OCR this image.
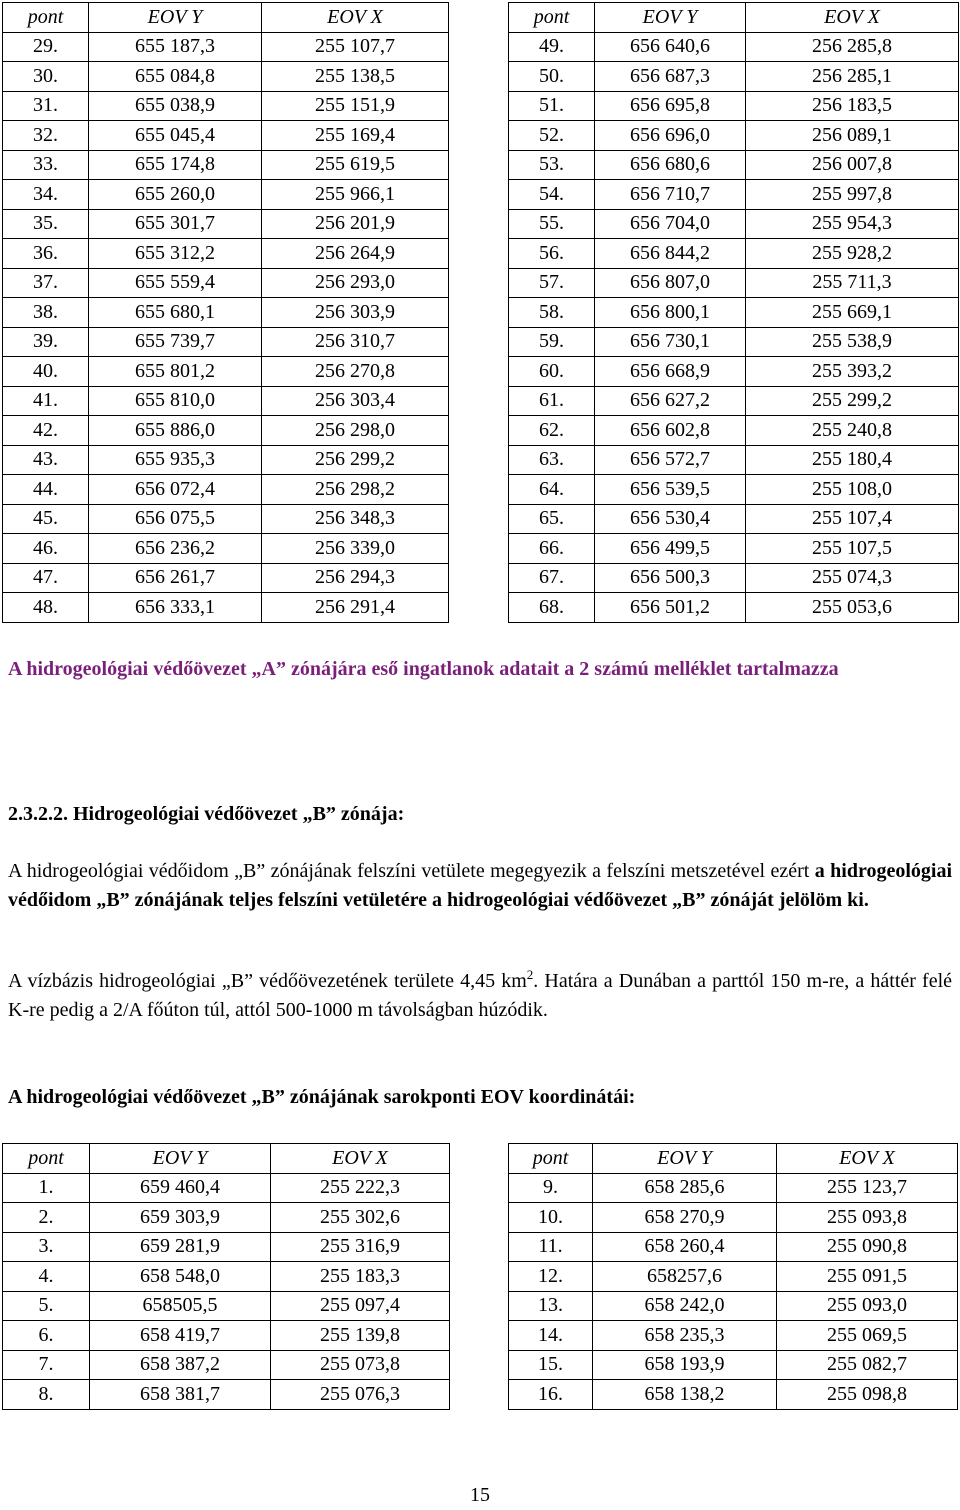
pont	EOV Y	EOV X
29.	655 187,3	255 107,7
30.	655 084,8	255 138,5
31.	655 038,9	255 151,9
32.	655 045,4	255 169,4
33.	655 174,8	255 619,5
34.	655 260,0	255 966,1
35.	655 301,7	256 201,9
36.	655 312,2	256 264,9
37.	655 559,4	256 293,0
38.	655 680,1	256 303,9
39.	655 739,7	256 310,7
40.	655 801,2	256 270,8
41.	655 810,0	256 303,4
42.	655 886,0	256 298,0
43.	655 935,3	256 299,2
44.	656 072,4	256 298,2
45.	656 075,5	256 348,3
46.	656 236,2	256 339,0
47.	656 261,7	256 294,3
48.	656 333,1	256 291,4
pont	EOV Y	EOV X
49.	656 640,6	256 285,8
50.	656 687,3	256 285,1
51.	656 695,8	256 183,5
52.	656 696,0	256 089,1
53.	656 680,6	256 007,8
54.	656 710,7	255 997,8
55.	656 704,0	255 954,3
56.	656 844,2	255 928,2
57.	656 807,0	255 711,3
58.	656 800,1	255 669,1
59.	656 730,1	255 538,9
60.	656 668,9	255 393,2
61.	656 627,2	255 299,2
62.	656 602,8	255 240,8
63.	656 572,7	255 180,4
64.	656 539,5	255 108,0
65.	656 530,4	255 107,4
66.	656 499,5	255 107,5
67.	656 500,3	255 074,3
68.	656 501,2	255 053,6

A hidrogeológiai védőövezet „A” zónájára eső ingatlanok adatait a 2 számú melléklet tartalmazza

2.3.2.2. Hidrogeológiai védőövezet „B” zónája:

A hidrogeológiai védőidom „B” zónájának felszíni vetülete megegyezik a felszíni metszetével ezért a hidrogeológiai védőidom „B” zónájának teljes felszíni vetületére a hidrogeológiai védőövezet „B” zónáját jelölöm ki.

A vízbázis hidrogeológiai „B” védőövezetének területe 4,45 $km^2$. Határa a Dunában a parttól 150 m-re, a háttér felé K-re pedig a 2/A főúton túl, attól 500-1000 m távolságban húzódik.

A hidrogeológiai védőövezet „B” zónájának sarokponti EOV koordinátái:

pont	EOV Y	EOV X
1.	659 460,4	255 222,3
2.	659 303,9	255 302,6
3.	659 281,9	255 316,9
4.	658 548,0	255 183,3
5.	658505,5	255 097,4
6.	658 419,7	255 139,8
7.	658 387,2	255 073,8
8.	658 381,7	255 076,3
pont	EOV Y	EOV X
9.	658 285,6	255 123,7
10.	658 270,9	255 093,8
11.	658 260,4	255 090,8
12.	658257,6	255 091,5
13.	658 242,0	255 093,0
14.	658 235,3	255 069,5
15.	658 193,9	255 082,7
16.	658 138,2	255 098,8
15
